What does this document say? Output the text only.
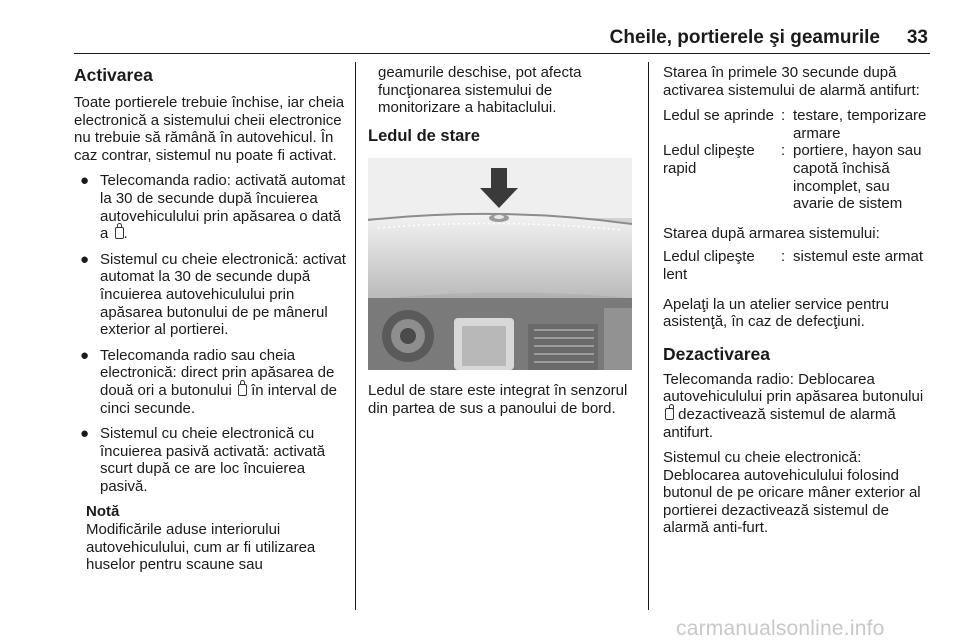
Cheile, portierele şi geamurile	33

Activarea

Toate portierele trebuie închise, iar cheia electronică a sistemului cheii electronice nu trebuie să rămână în autovehicul. În caz contrar, sistemul nu poate fi activat.

● Telecomanda radio: activată automat la 30 de secunde după încuierea autovehiculului prin apăsarea o dată a .
● Sistemul cu cheie electronică: activat automat la 30 de secunde după încuierea autovehiculului prin apăsarea butonului de pe mânerul exterior al portierei.
● Telecomanda radio sau cheia electronică: direct prin apăsarea de două ori a butonului în interval de cinci secunde.
● Sistemul cu cheie electronică cu încuierea pasivă activată: activată scurt după ce are loc încuierea pasivă.

Notă

Modificările aduse interiorului autovehiculului, cum ar fi utilizarea huselor pentru scaune sau

geamurile deschise, pot afecta funcţionarea sistemului de monitorizare a habitaclului.

Ledul de stare

Ledul de stare este integrat în senzorul din partea de sus a panoului de bord.

Starea în primele 30 secunde după activarea sistemului de alarmă antifurt:

Ledul se aprinde : testare, temporizare armare
Ledul clipeşte rapid
: portiere, hayon sau capotă închisă incomplet, sau avarie de sistem

Starea după armarea sistemului:

Ledul clipeşte lent
: sistemul este armat

Apelaţi la un atelier service pentru asistenţă, în caz de defecţiuni.

Dezactivarea

Telecomanda radio: Deblocarea autovehiculului prin apăsarea butonului  dezactivează sistemul de alarmă antifurt.

Sistemul cu cheie electronică: Deblocarea autovehiculului folosind butonul de pe oricare mâner exterior al portierei dezactivează sistemul de alarmă anti-furt.

carmanualsonline.info
